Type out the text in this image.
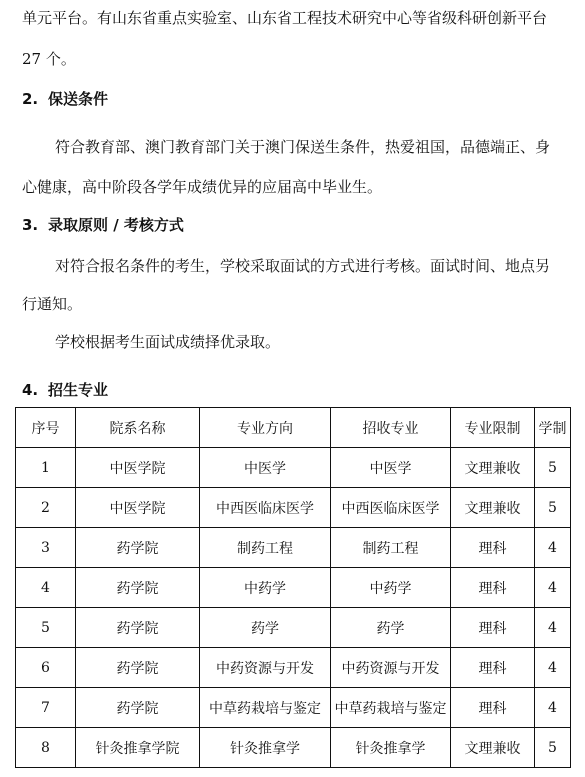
单元平台。有山东省重点实验室、山东省工程技术研究中心等省级科研创新平台
27 个。
2. 保送条件
符合教育部、澳门教育部门关于澳门保送生条件，热爱祖国，品德端正、身
心健康，高中阶段各学年成绩优异的应届高中毕业生。
3. 录取原则 / 考核方式
对符合报名条件的考生，学校采取面试的方式进行考核。面试时间、地点另
行通知。
学校根据考生面试成绩择优录取。
4. 招生专业
序号	院系名称	专业方向	招收专业	专业限制	学制
1	中医学院	中医学	中医学	文理兼收	5
2	中医学院	中西医临床医学	中西医临床医学	文理兼收	5
3	药学院	制药工程	制药工程	理科	4
4	药学院	中药学	中药学	理科	4
5	药学院	药学	药学	理科	4
6	药学院	中药资源与开发	中药资源与开发	理科	4
7	药学院	中草药栽培与鉴定	中草药栽培与鉴定	理科	4
8	针灸推拿学院	针灸推拿学	针灸推拿学	文理兼收	5
